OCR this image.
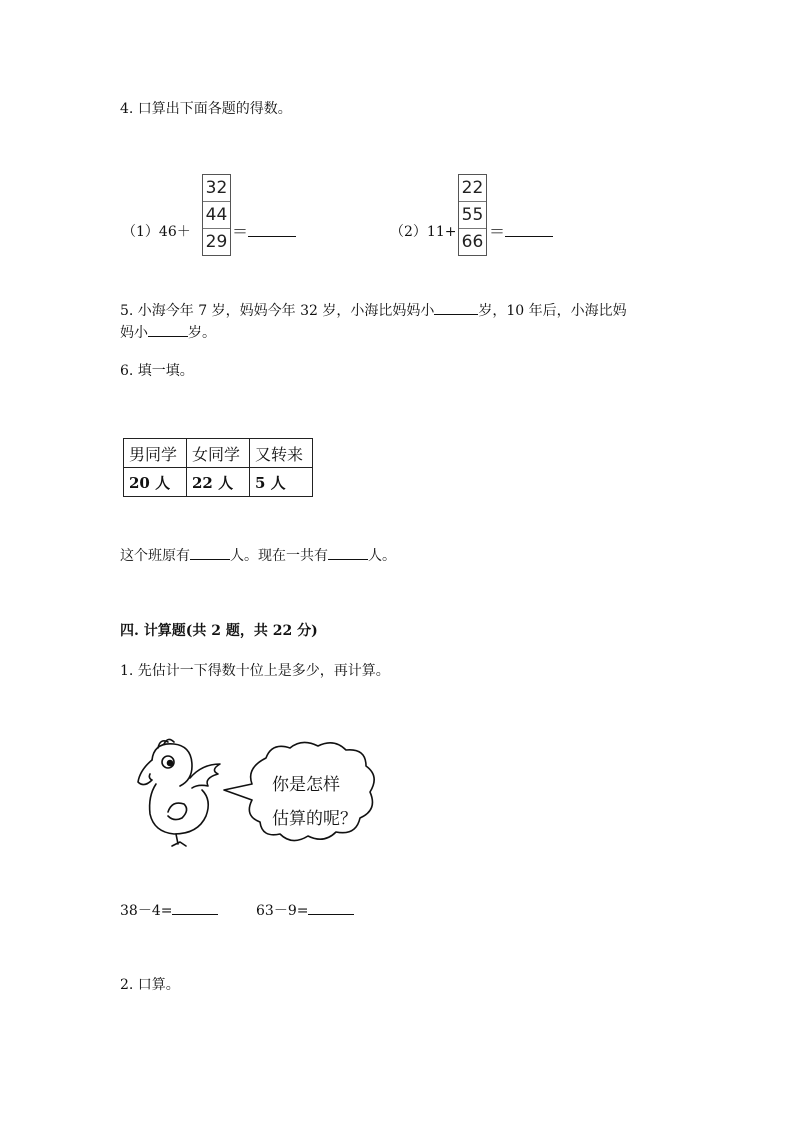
4. 口算出下面各题的得数。
（1）46＋
32
44
29
＝	（2）11+
22
55
66
＝
5. 小海今年 7 岁，妈妈今年 32 岁，小海比妈妈小	岁，10 年后，小海比妈
妈小	岁。
6. 填一填。
男同学	女同学	又转来
20 人	22 人	5 人
这个班原有	人。现在一共有	人。
四. 计算题(共 2 题，共 22 分)
1. 先估计一下得数十位上是多少，再计算。
你是怎样
估算的呢？
38－4=	63－9=
2. 口算。
